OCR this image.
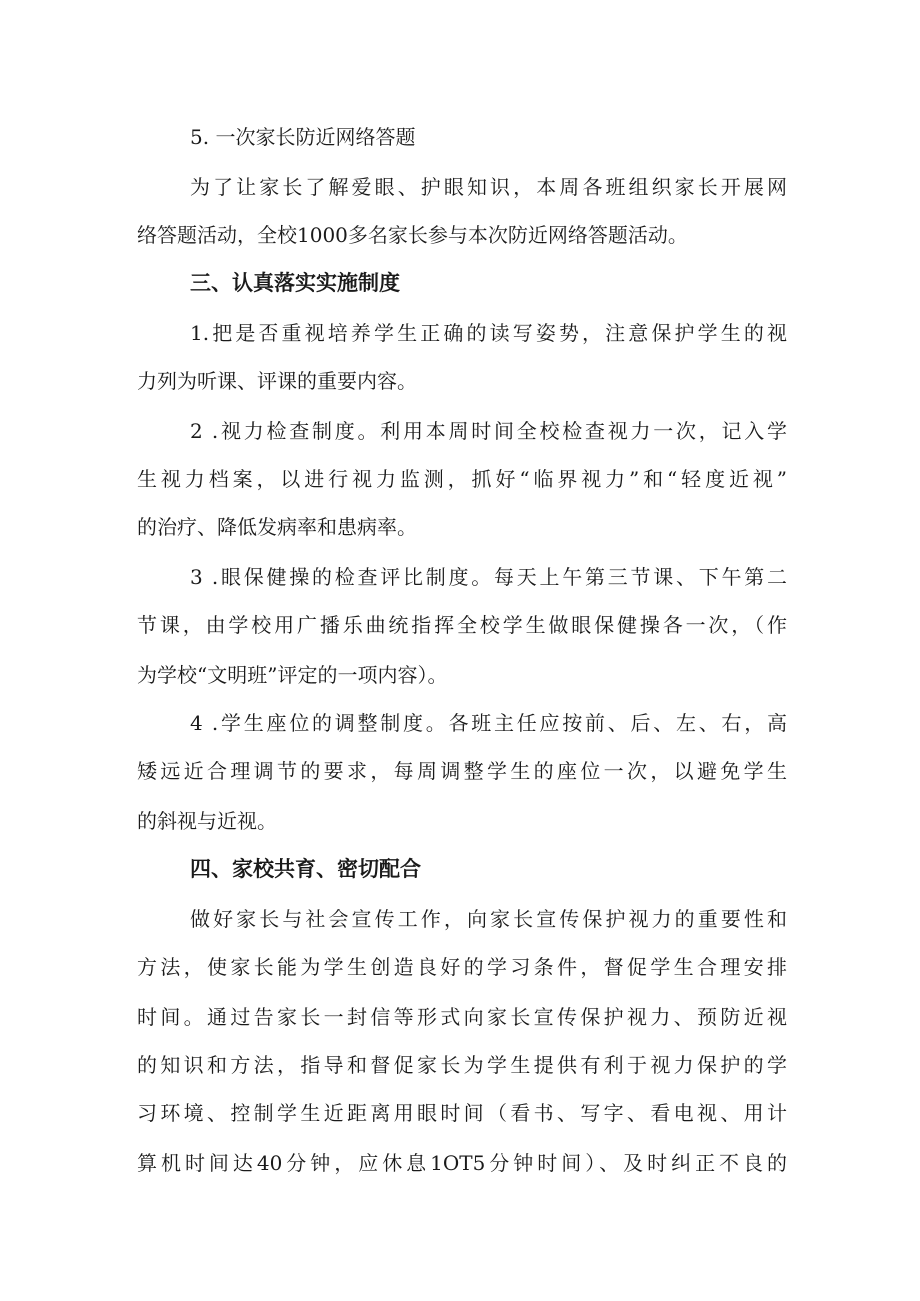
5. 一次家长防近网络答题
为了让家长了解爱眼、护眼知识，本周各班组织家长开展网
络答题活动，全校1000多名家长参与本次防近网络答题活动。
三、认真落实实施制度
1.把是否重视培养学生正确的读写姿势，注意保护学生的视
力列为听课、评课的重要内容。
2 .视力检查制度。利用本周时间全校检查视力一次，记入学
生视力档案，以进行视力监测，抓好“临界视力”和“轻度近视”
的治疗、降低发病率和患病率。
3 .眼保健操的检查评比制度。每天上午第三节课、下午第二
节课，由学校用广播乐曲统指挥全校学生做眼保健操各一次，（作
为学校“文明班”评定的一项内容）。
4 .学生座位的调整制度。各班主任应按前、后、左、右，高
矮远近合理调节的要求，每周调整学生的座位一次，以避免学生
的斜视与近视。
四、家校共育、密切配合
做好家长与社会宣传工作，向家长宣传保护视力的重要性和
方法，使家长能为学生创造良好的学习条件，督促学生合理安排
时间。通过告家长一封信等形式向家长宣传保护视力、预防近视
的知识和方法，指导和督促家长为学生提供有利于视力保护的学
习环境、控制学生近距离用眼时间（看书、写字、看电视、用计
算机时间达40分钟，应休息1OT5分钟时间）、及时纠正不良的
